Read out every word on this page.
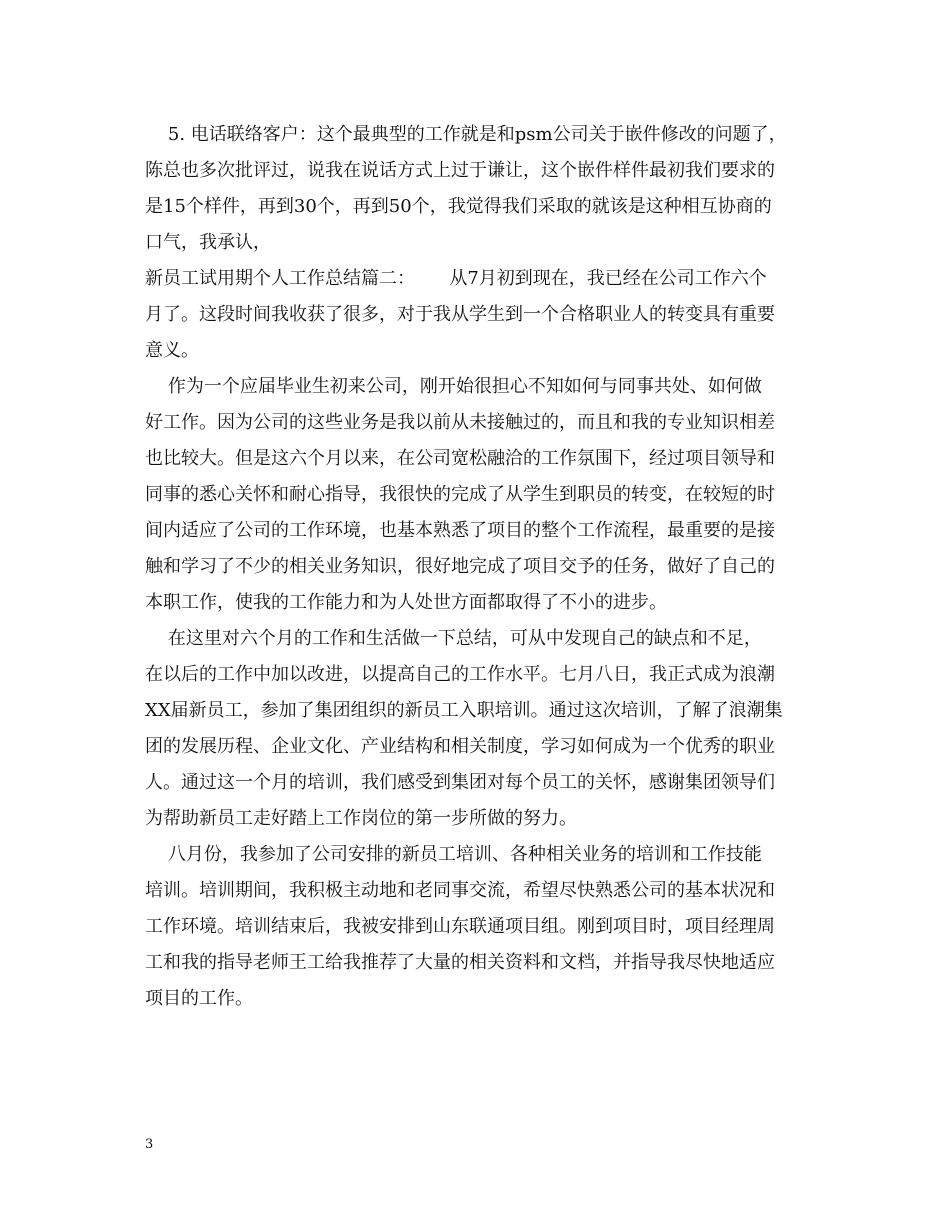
5. 电话联络客户：这个最典型的工作就是和psm公司关于嵌件修改的问题了，
陈总也多次批评过，说我在说话方式上过于谦让，这个嵌件样件最初我们要求的
是15个样件，再到30个，再到50个，我觉得我们采取的就该是这种相互协商的
口气，我承认，
新员工试用期个人工作总结篇二：      从7月初到现在，我已经在公司工作六个
月了。这段时间我收获了很多，对于我从学生到一个合格职业人的转变具有重要
意义。
作为一个应届毕业生初来公司，刚开始很担心不知如何与同事共处、如何做
好工作。因为公司的这些业务是我以前从未接触过的，而且和我的专业知识相差
也比较大。但是这六个月以来，在公司宽松融洽的工作氛围下，经过项目领导和
同事的悉心关怀和耐心指导，我很快的完成了从学生到职员的转变，在较短的时
间内适应了公司的工作环境，也基本熟悉了项目的整个工作流程，最重要的是接
触和学习了不少的相关业务知识，很好地完成了项目交予的任务，做好了自己的
本职工作，使我的工作能力和为人处世方面都取得了不小的进步。
在这里对六个月的工作和生活做一下总结，可从中发现自己的缺点和不足，
在以后的工作中加以改进，以提高自己的工作水平。七月八日，我正式成为浪潮
XX届新员工，参加了集团组织的新员工入职培训。通过这次培训，了解了浪潮集
团的发展历程、企业文化、产业结构和相关制度，学习如何成为一个优秀的职业
人。通过这一个月的培训，我们感受到集团对每个员工的关怀，感谢集团领导们
为帮助新员工走好踏上工作岗位的第一步所做的努力。
八月份，我参加了公司安排的新员工培训、各种相关业务的培训和工作技能
培训。培训期间，我积极主动地和老同事交流，希望尽快熟悉公司的基本状况和
工作环境。培训结束后，我被安排到山东联通项目组。刚到项目时，项目经理周
工和我的指导老师王工给我推荐了大量的相关资料和文档，并指导我尽快地适应
项目的工作。
3
